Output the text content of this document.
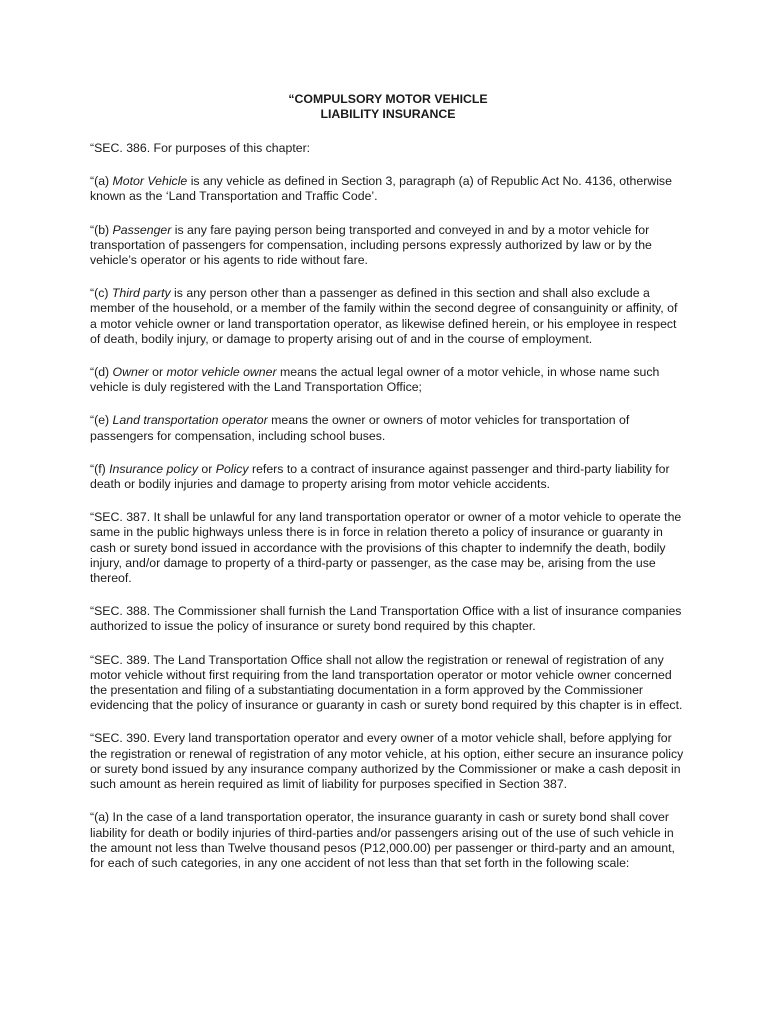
“COMPULSORY MOTOR VEHICLE
LIABILITY INSURANCE

“SEC. 386. For purposes of this chapter:

“(a) Motor Vehicle is any vehicle as defined in Section 3, paragraph (a) of Republic Act No. 4136, otherwise known as the ‘Land Transportation and Traffic Code’.

“(b) Passenger is any fare paying person being transported and conveyed in and by a motor vehicle for transportation of passengers for compensation, including persons expressly authorized by law or by the vehicle’s operator or his agents to ride without fare.

“(c) Third party is any person other than a passenger as defined in this section and shall also exclude a member of the household, or a member of the family within the second degree of consanguinity or affinity, of a motor vehicle owner or land transportation operator, as likewise defined herein, or his employee in respect of death, bodily injury, or damage to property arising out of and in the course of employment.

“(d) Owner or motor vehicle owner means the actual legal owner of a motor vehicle, in whose name such vehicle is duly registered with the Land Transportation Office;

“(e) Land transportation operator means the owner or owners of motor vehicles for transportation of passengers for compensation, including school buses.

“(f) Insurance policy or Policy refers to a contract of insurance against passenger and third-party liability for death or bodily injuries and damage to property arising from motor vehicle accidents.

“SEC. 387. It shall be unlawful for any land transportation operator or owner of a motor vehicle to operate the same in the public highways unless there is in force in relation thereto a policy of insurance or guaranty in cash or surety bond issued in accordance with the provisions of this chapter to indemnify the death, bodily injury, and/or damage to property of a third-party or passenger, as the case may be, arising from the use thereof.

“SEC. 388. The Commissioner shall furnish the Land Transportation Office with a list of insurance companies authorized to issue the policy of insurance or surety bond required by this chapter.

“SEC. 389. The Land Transportation Office shall not allow the registration or renewal of registration of any motor vehicle without first requiring from the land transportation operator or motor vehicle owner concerned the presentation and filing of a substantiating documentation in a form approved by the Commissioner evidencing that the policy of insurance or guaranty in cash or surety bond required by this chapter is in effect.

“SEC. 390. Every land transportation operator and every owner of a motor vehicle shall, before applying for the registration or renewal of registration of any motor vehicle, at his option, either secure an insurance policy or surety bond issued by any insurance company authorized by the Commissioner or make a cash deposit in such amount as herein required as limit of liability for purposes specified in Section 387.

“(a) In the case of a land transportation operator, the insurance guaranty in cash or surety bond shall cover liability for death or bodily injuries of third-parties and/or passengers arising out of the use of such vehicle in the amount not less than Twelve thousand pesos (P12,000.00) per passenger or third-party and an amount, for each of such categories, in any one accident of not less than that set forth in the following scale:
